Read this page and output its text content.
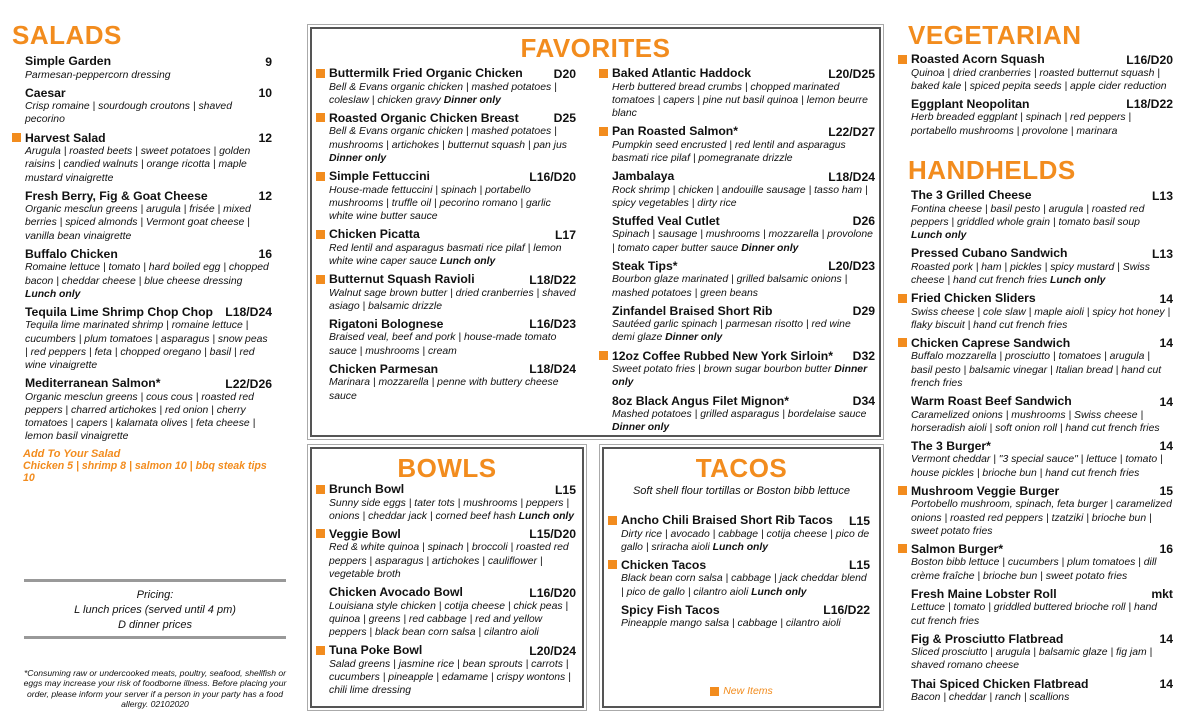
SALADS
Simple Garden	9
Parmesan-peppercorn dressing
Caesar	10
Crisp romaine | sourdough croutons | shaved pecorino
Harvest Salad	12
Arugula | roasted beets | sweet potatoes | golden raisins | candied walnuts | orange ricotta | maple mustard vinaigrette
Fresh Berry, Fig & Goat Cheese	12
Organic mesclun greens | arugula | frisée | mixed berries | spiced almonds | Vermont goat cheese | vanilla bean vinaigrette
Buffalo Chicken	16
Romaine lettuce | tomato | hard boiled egg | chopped bacon | cheddar cheese | blue cheese dressing Lunch only
Tequila Lime Shrimp Chop Chop L18/D24
Tequila lime marinated shrimp | romaine lettuce | cucumbers | plum tomatoes | asparagus | snow peas | red peppers | feta | chopped oregano | basil | red wine vinaigrette
Mediterranean Salmon*	L22/D26
Organic mesclun greens | cous cous | roasted red peppers | charred artichokes | red onion | cherry tomatoes | capers | kalamata olives | feta cheese | lemon basil vinaigrette
Add To Your Salad
Chicken 5 | shrimp 8 | salmon 10 | bbq steak tips 10
Pricing:
L lunch prices (served until 4 pm)
D dinner prices
*Consuming raw or undercooked meats, poultry, seafood, shellfish or eggs may increase your risk of foodborne illness. Before placing your order, please inform your server if a person in your party has a food allergy. 02102020
FAVORITES
Buttermilk Fried Organic Chicken	D20
Bell & Evans organic chicken | mashed potatoes | coleslaw | chicken gravy Dinner only
Roasted Organic Chicken Breast	D25
Bell & Evans organic chicken | mashed potatoes | mushrooms | artichokes | butternut squash | pan jus Dinner only
Simple Fettuccini	L16/D20
House-made fettuccini | spinach | portabello mushrooms | truffle oil | pecorino romano | garlic white wine butter sauce
Chicken Picatta	L17
Red lentil and asparagus basmati rice pilaf | lemon white wine caper sauce Lunch only
Butternut Squash Ravioli	L18/D22
Walnut sage brown butter | dried cranberries | shaved asiago | balsamic drizzle
Rigatoni Bolognese	L16/D23
Braised veal, beef and pork | house-made tomato sauce | mushrooms | cream
Chicken Parmesan	L18/D24
Marinara | mozzarella | penne with buttery cheese sauce
Baked Atlantic Haddock	L20/D25
Herb buttered bread crumbs | chopped marinated tomatoes | capers | pine nut basil quinoa | lemon beurre blanc
Pan Roasted Salmon*	L22/D27
Pumpkin seed encrusted | red lentil and asparagus basmati rice pilaf | pomegranate drizzle
Jambalaya	L18/D24
Rock shrimp | chicken | andouille sausage | tasso ham | spicy vegetables | dirty rice
Stuffed Veal Cutlet	D26
Spinach | sausage | mushrooms | mozzarella | provolone | tomato caper butter sauce Dinner only
Steak Tips*	L20/D23
Bourbon glaze marinated | grilled balsamic onions | mashed potatoes | green beans
Zinfandel Braised Short Rib	D29
Sautéed garlic spinach | parmesan risotto | red wine demi glaze Dinner only
12oz Coffee Rubbed New York Sirloin* D32
Sweet potato fries | brown sugar bourbon butter Dinner only
8oz Black Angus Filet Mignon*	D34
Mashed potatoes | grilled asparagus | bordelaise sauce Dinner only
BOWLS
Brunch Bowl	L15
Sunny side eggs | tater tots | mushrooms | peppers | onions | cheddar jack | corned beef hash Lunch only
Veggie Bowl	L15/D20
Red & white quinoa | spinach | broccoli | roasted red peppers | asparagus | artichokes | cauliflower | vegetable broth
Chicken Avocado Bowl	L16/D20
Louisiana style chicken | cotija cheese | chick peas | quinoa | greens | red cabbage | red and yellow peppers | black bean corn salsa | cilantro aioli
Tuna Poke Bowl	L20/D24
Salad greens | jasmine rice | bean sprouts | carrots | cucumbers | pineapple | edamame | crispy wontons | chili lime dressing
TACOS
Soft shell flour tortillas or Boston bibb lettuce
Ancho Chili Braised Short Rib Tacos L15
Dirty rice | avocado | cabbage | cotija cheese | pico de gallo | sriracha aioli Lunch only
Chicken Tacos	L15
Black bean corn salsa | cabbage | jack cheddar blend | pico de gallo | cilantro aioli Lunch only
Spicy Fish Tacos	L16/D22
Pineapple mango salsa | cabbage | cilantro aioli
New Items
VEGETARIAN
Roasted Acorn Squash	L16/D20
Quinoa | dried cranberries | roasted butternut squash | baked kale | spiced pepita seeds | apple cider reduction
Eggplant Neopolitan	L18/D22
Herb breaded eggplant | spinach | red peppers | portabello mushrooms | provolone | marinara
HANDHELDS
The 3 Grilled Cheese	L13
Fontina cheese | basil pesto | arugula | roasted red peppers | griddled whole grain | tomato basil soup Lunch only
Pressed Cubano Sandwich	L13
Roasted pork | ham | pickles | spicy mustard | Swiss cheese | hand cut french fries Lunch only
Fried Chicken Sliders	14
Swiss cheese | cole slaw | maple aioli | spicy hot honey | flaky biscuit | hand cut french fries
Chicken Caprese Sandwich	14
Buffalo mozzarella | prosciutto | tomatoes | arugula | basil pesto | balsamic vinegar | Italian bread | hand cut french fries
Warm Roast Beef Sandwich	14
Caramelized onions | mushrooms | Swiss cheese | horseradish aioli | soft onion roll | hand cut french fries
The 3 Burger*	14
Vermont cheddar | "3 special sauce" | lettuce | tomato | house pickles | brioche bun | hand cut french fries
Mushroom Veggie Burger	15
Portobello mushroom, spinach, feta burger | caramelized onions | roasted red peppers | tzatziki | brioche bun | sweet potato fries
Salmon Burger*	16
Boston bibb lettuce | cucumbers | plum tomatoes | dill crème fraîche | brioche bun | sweet potato fries
Fresh Maine Lobster Roll	mkt
Lettuce | tomato | griddled buttered brioche roll | hand cut french fries
Fig & Prosciutto Flatbread	14
Sliced prosciutto | arugula | balsamic glaze | fig jam | shaved romano cheese
Thai Spiced Chicken Flatbread	14
Bacon | cheddar | ranch | scallions
